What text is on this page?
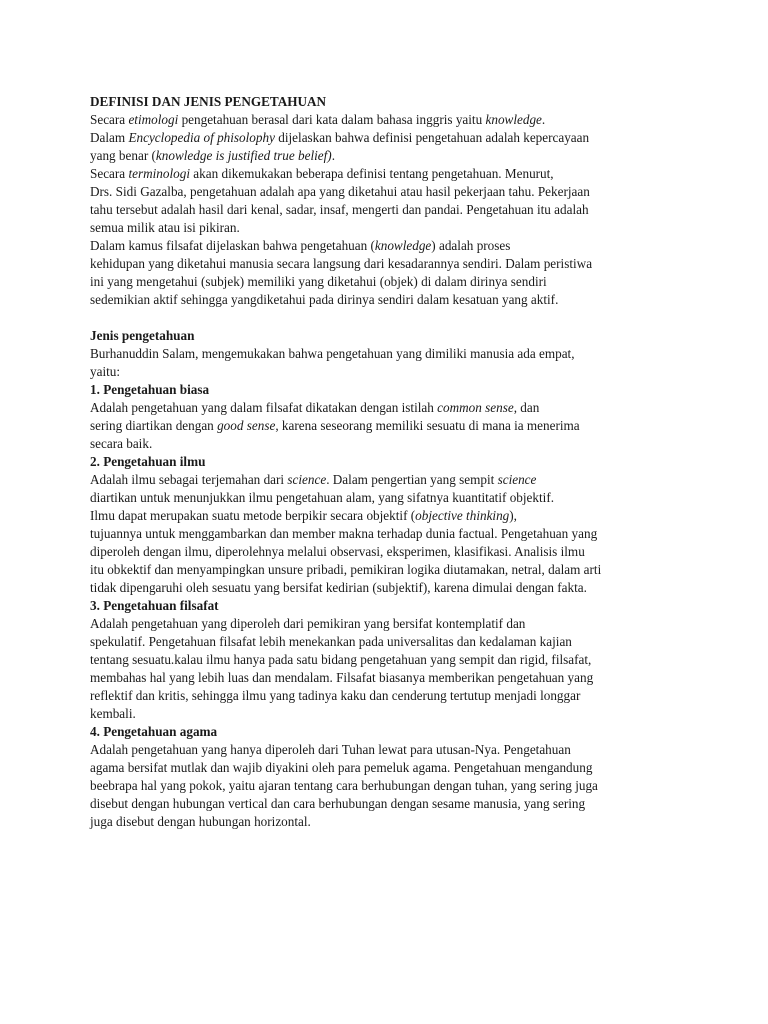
DEFINISI DAN JENIS PENGETAHUAN
Secara etimologi pengetahuan berasal dari kata dalam bahasa inggris yaitu knowledge.
Dalam Encyclopedia of phisolophy dijelaskan bahwa definisi pengetahuan adalah kepercayaan
yang benar (knowledge is justified true belief).
Secara terminologi akan dikemukakan beberapa definisi tentang pengetahuan. Menurut,
Drs. Sidi Gazalba, pengetahuan adalah apa yang diketahui atau hasil pekerjaan tahu. Pekerjaan
tahu tersebut adalah hasil dari kenal, sadar, insaf, mengerti dan pandai. Pengetahuan itu adalah
semua milik atau isi pikiran.
Dalam kamus filsafat dijelaskan bahwa pengetahuan (knowledge) adalah proses
kehidupan yang diketahui manusia secara langsung dari kesadarannya sendiri. Dalam peristiwa
ini yang mengetahui (subjek) memiliki yang diketahui (objek) di dalam dirinya sendiri
sedemikian aktif sehingga yangdiketahui pada dirinya sendiri dalam kesatuan yang aktif.
Jenis pengetahuan
Burhanuddin Salam, mengemukakan bahwa pengetahuan yang dimiliki manusia ada empat,
yaitu:
1. Pengetahuan biasa
Adalah pengetahuan yang dalam filsafat dikatakan dengan istilah common sense, dan
sering diartikan dengan good sense, karena seseorang memiliki sesuatu di mana ia menerima
secara baik.
2. Pengetahuan ilmu
Adalah ilmu sebagai terjemahan dari science. Dalam pengertian yang sempit science
diartikan untuk menunjukkan ilmu pengetahuan alam, yang sifatnya kuantitatif objektif.
Ilmu dapat merupakan suatu metode berpikir secara objektif (objective thinking),
tujuannya untuk menggambarkan dan member makna terhadap dunia factual. Pengetahuan yang
diperoleh dengan ilmu, diperolehnya melalui observasi, eksperimen, klasifikasi. Analisis ilmu
itu obkektif dan menyampingkan unsure pribadi, pemikiran logika diutamakan, netral, dalam arti
tidak dipengaruhi oleh sesuatu yang bersifat kedirian (subjektif), karena dimulai dengan fakta.
3. Pengetahuan filsafat
Adalah pengetahuan yang diperoleh dari pemikiran yang bersifat kontemplatif dan
spekulatif. Pengetahuan filsafat lebih menekankan pada universalitas dan kedalaman kajian
tentang sesuatu.kalau ilmu hanya pada satu bidang pengetahuan yang sempit dan rigid, filsafat,
membahas hal yang lebih luas dan mendalam. Filsafat biasanya memberikan pengetahuan yang
reflektif dan kritis, sehingga ilmu yang tadinya kaku dan cenderung tertutup menjadi longgar
kembali.
4. Pengetahuan agama
Adalah pengetahuan yang hanya diperoleh dari Tuhan lewat para utusan-Nya. Pengetahuan
agama bersifat mutlak dan wajib diyakini oleh para pemeluk agama. Pengetahuan mengandung
beebrapa hal yang pokok, yaitu ajaran tentang cara berhubungan dengan tuhan, yang sering juga
disebut dengan hubungan vertical dan cara berhubungan dengan sesame manusia, yang sering
juga disebut dengan hubungan horizontal.
